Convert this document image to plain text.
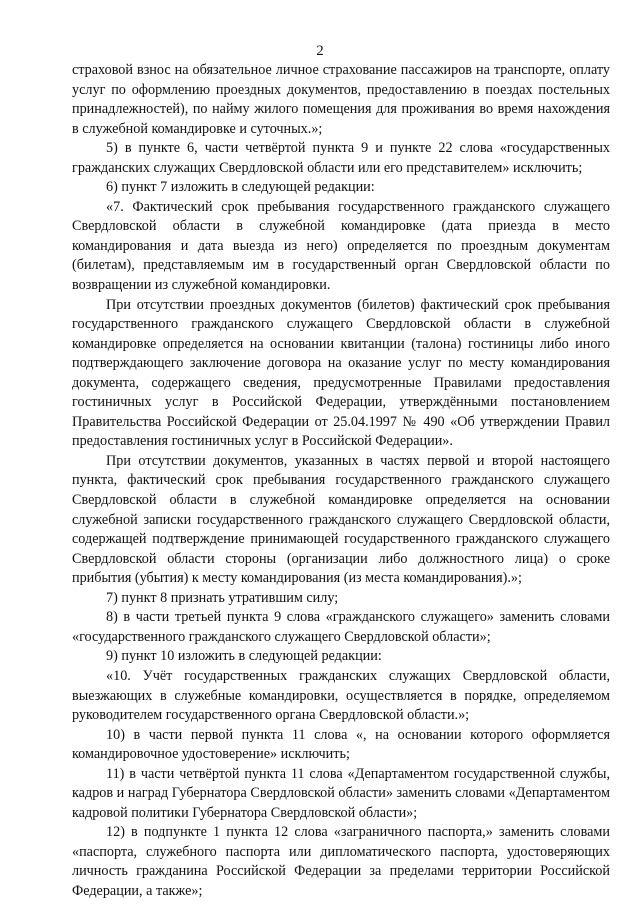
2

страховой взнос на обязательное личное страхование пассажиров на транспорте, оплату услуг по оформлению проездных документов, предоставлению в поездах постельных принадлежностей), по найму жилого помещения для проживания во время нахождения в служебной командировке и суточных.»;

5) в пункте 6, части четвёртой пункта 9 и пункте 22 слова «государственных гражданских служащих Свердловской области или его представителем» исключить;

6) пункт 7 изложить в следующей редакции:

«7. Фактический срок пребывания государственного гражданского служащего Свердловской области в служебной командировке (дата приезда в место командирования и дата выезда из него) определяется по проездным документам (билетам), представляемым им в государственный орган Свердловской области по возвращении из служебной командировки.

При отсутствии проездных документов (билетов) фактический срок пребывания государственного гражданского служащего Свердловской области в служебной командировке определяется на основании квитанции (талона) гостиницы либо иного подтверждающего заключение договора на оказание услуг по месту командирования документа, содержащего сведения, предусмотренные Правилами предоставления гостиничных услуг в Российской Федерации, утверждёнными постановлением Правительства Российской Федерации от 25.04.1997 № 490 «Об утверждении Правил предоставления гостиничных услуг в Российской Федерации».

При отсутствии документов, указанных в частях первой и второй настоящего пункта, фактический срок пребывания государственного гражданского служащего Свердловской области в служебной командировке определяется на основании служебной записки государственного гражданского служащего Свердловской области, содержащей подтверждение принимающей государственного гражданского служащего Свердловской области стороны (организации либо должностного лица) о сроке прибытия (убытия) к месту командирования (из места командирования).»;

7) пункт 8 признать утратившим силу;

8) в части третьей пункта 9 слова «гражданского служащего» заменить словами «государственного гражданского служащего Свердловской области»;

9) пункт 10 изложить в следующей редакции:

«10. Учёт государственных гражданских служащих Свердловской области, выезжающих в служебные командировки, осуществляется в порядке, определяемом руководителем государственного органа Свердловской области.»;

10) в части первой пункта 11 слова «, на основании которого оформляется командировочное удостоверение» исключить;

11) в части четвёртой пункта 11 слова «Департаментом государственной службы, кадров и наград Губернатора Свердловской области» заменить словами «Департаментом кадровой политики Губернатора Свердловской области»;

12) в подпункте 1 пункта 12 слова «заграничного паспорта,» заменить словами «паспорта, служебного паспорта или дипломатического паспорта, удостоверяющих личность гражданина Российской Федерации за пределами территории Российской Федерации, а также»;
